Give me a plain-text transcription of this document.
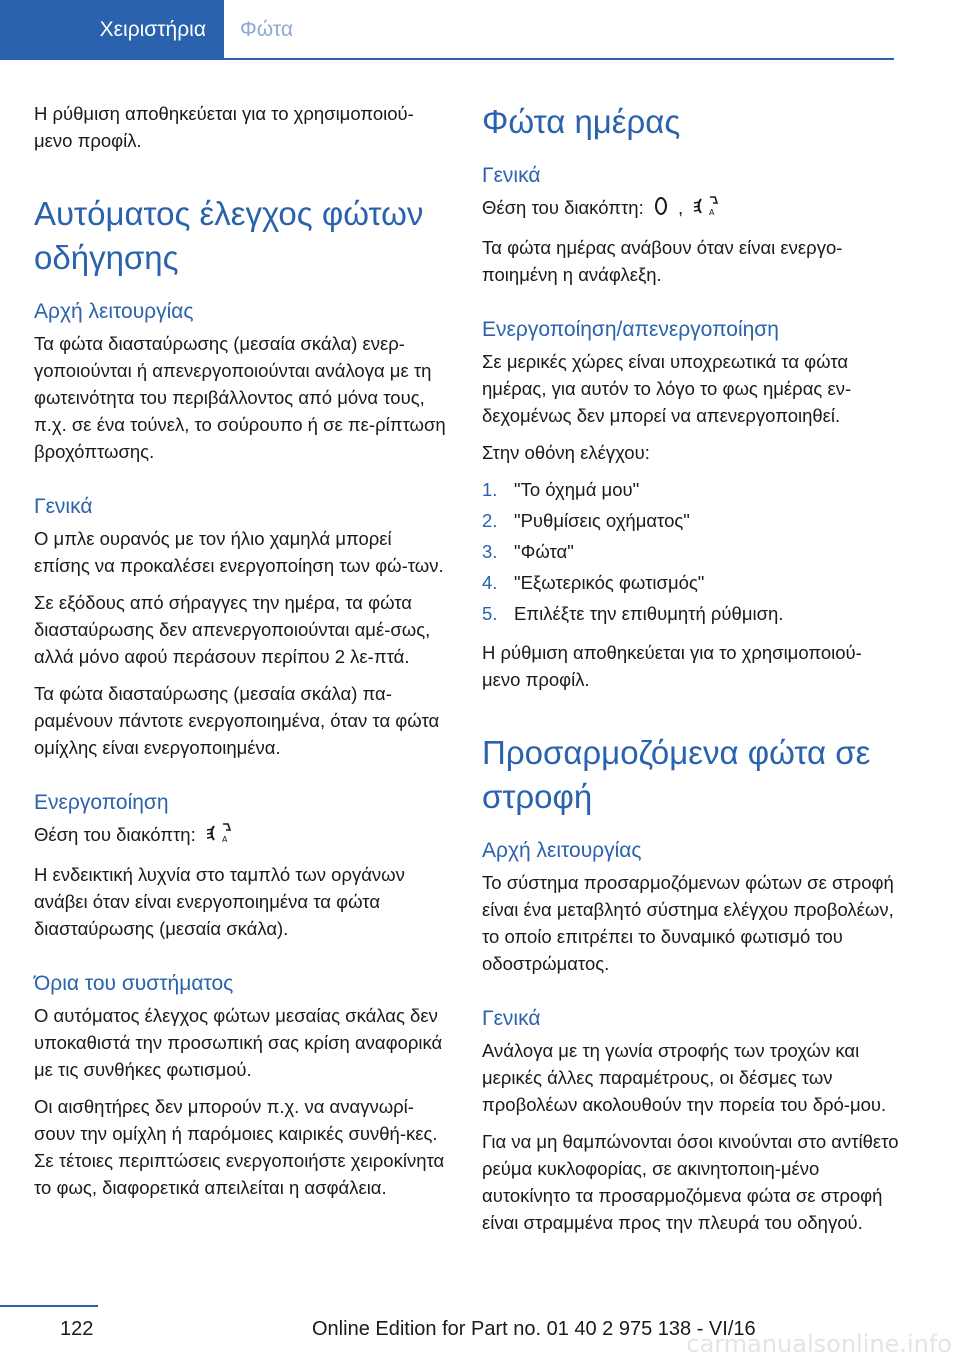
Χειριστήρια Φώτα

Η ρύθμιση αποθηκεύεται για το χρησιμοποιού-μενο προφίλ.

Αυτόματος έλεγχος φώτων οδήγησης
Αρχή λειτουργίας

Τα φώτα διασταύρωσης (μεσαία σκάλα) ενερ-γοποιούνται ή απενεργοποιούνται ανάλογα με τη φωτεινότητα του περιβάλλοντος από μόνα τους, π.χ. σε ένα τούνελ, το σούρουπο ή σε πε-ρίπτωση βροχόπτωσης.

Γενικά

Ο μπλε ουρανός με τον ήλιο χαμηλά μπορεί επίσης να προκαλέσει ενεργοποίηση των φώ-των.

Σε εξόδους από σήραγγες την ημέρα, τα φώτα διασταύρωσης δεν απενεργοποιούνται αμέ-σως, αλλά μόνο αφού περάσουν περίπου 2 λε-πτά.

Τα φώτα διασταύρωσης (μεσαία σκάλα) πα-ραμένουν πάντοτε ενεργοποιημένα, όταν τα φώτα ομίχλης είναι ενεργοποιημένα.

Ενεργοποίηση

Θέση του διακόπτη:	A

Η ενδεικτική λυχνία στο ταμπλό των οργάνων ανάβει όταν είναι ενεργοποιημένα τα φώτα διασταύρωσης (μεσαία σκάλα).

Όρια του συστήματος

Ο αυτόματος έλεγχος φώτων μεσαίας σκάλας δεν υποκαθιστά την προσωπική σας κρίση αναφορικά με τις συνθήκες φωτισμού.

Οι αισθητήρες δεν μπορούν π.χ. να αναγνωρί-σουν την ομίχλη ή παρόμοιες καιρικές συνθή-κες. Σε τέτοιες περιπτώσεις ενεργοποιήστε χειροκίνητα το φως, διαφορετικά απειλείται η ασφάλεια.

Φώτα ημέρας
Γενικά

Θέση του διακόπτη: ,	A

Τα φώτα ημέρας ανάβουν όταν είναι ενεργο-ποιημένη η ανάφλεξη.

Ενεργοποίηση/απενεργοποίηση

Σε μερικές χώρες είναι υποχρεωτικά τα φώτα ημέρας, για αυτόν το λόγο το φως ημέρας εν-δεχομένως δεν μπορεί να απενεργοποιηθεί.

Στην οθόνη ελέγχου:

1. "Το όχημά μου"
2. "Ρυθμίσεις οχήματος"
3. "Φώτα"
4. "Εξωτερικός φωτισμός"
5. Επιλέξτε την επιθυμητή ρύθμιση.

Η ρύθμιση αποθηκεύεται για το χρησιμοποιού-μενο προφίλ.

Προσαρμοζόμενα φώτα σε στροφή
Αρχή λειτουργίας

Το σύστημα προσαρμοζόμενων φώτων σε στροφή είναι ένα μεταβλητό σύστημα ελέγχου προβολέων, το οποίο επιτρέπει το δυναμικό φωτισμό του οδοστρώματος.

Γενικά

Ανάλογα με τη γωνία στροφής των τροχών και μερικές άλλες παραμέτρους, οι δέσμες των προβολέων ακολουθούν την πορεία του δρό-μου.

Για να μη θαμπώνονται όσοι κινούνται στο αντίθετο ρεύμα κυκλοφορίας, σε ακινητοποιη-μένο αυτοκίνητο τα προσαρμοζόμενα φώτα σε στροφή είναι στραμμένα προς την πλευρά του οδηγού.

122	Online Edition for Part no. 01 40 2 975 138 - VI/16
carmanualsonline.info
